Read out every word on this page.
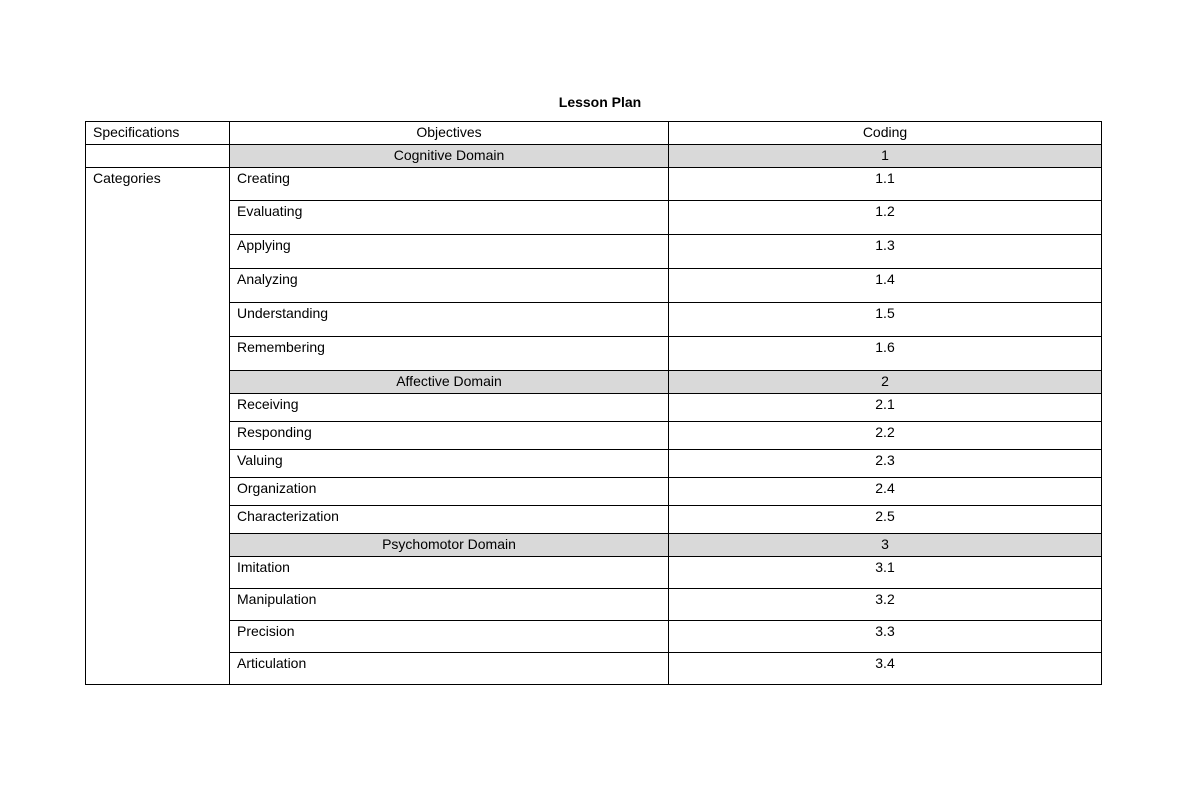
Lesson Plan
Specifications	Objectives	Coding
	Cognitive Domain	1
Categories	Creating	1.1
	Evaluating	1.2
	Applying	1.3
	Analyzing	1.4
	Understanding	1.5
	Remembering	1.6
	Affective Domain	2
	Receiving	2.1
	Responding	2.2
	Valuing	2.3
	Organization	2.4
	Characterization	2.5
	Psychomotor Domain	3
	Imitation	3.1
	Manipulation	3.2
	Precision	3.3
	Articulation	3.4
